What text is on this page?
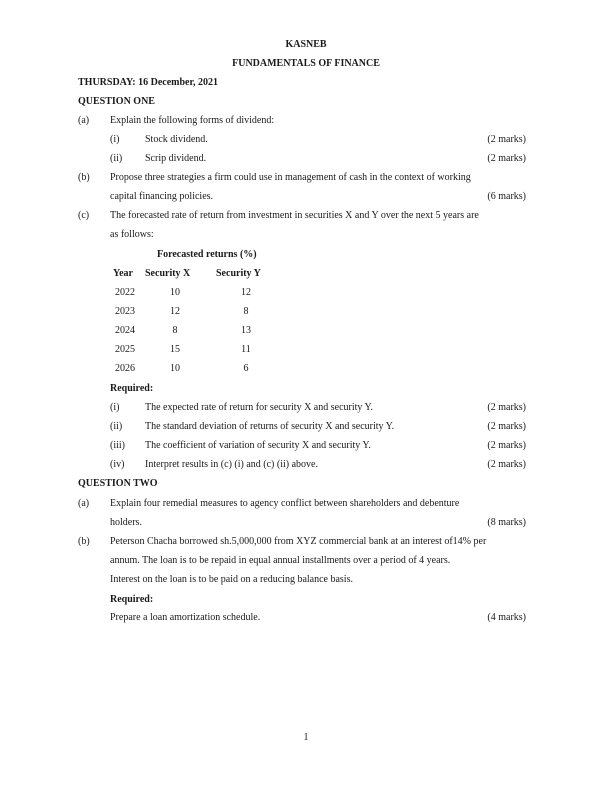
KASNEB
FUNDAMENTALS OF FINANCE
THURSDAY: 16 December, 2021
QUESTION ONE
(a) Explain the following forms of dividend:
(i)	Stock dividend.	(2 marks)
(ii) Scrip dividend.	(2 marks)
(b) Propose three strategies a firm could use in management of cash in the context of working
capital financing policies.	(6 marks)
(c) The forecasted rate of return from investment in securities X and Y over the next 5 years are
as follows:
Forecasted returns (%)
Year Security X	Security Y
2022	10	12
2023	12	8
2024	8	13
2025	15	11
2026	10	6
Required:
(i)	The expected rate of return for security X and security Y.	(2 marks)
(ii) The standard deviation of returns of security X and security Y.	(2 marks)
(iii) The coefficient of variation of security X and security Y.	(2 marks)
(iv) Interpret results in (c) (i) and (c) (ii) above.	(2 marks)
QUESTION TWO
(a) Explain four remedial measures to agency conflict between shareholders and debenture
holders.	(8 marks)
(b) Peterson Chacha borrowed sh.5,000,000 from XYZ commercial bank at an interest of14% per
annum. The loan is to be repaid in equal annual installments over a period of 4 years.
Interest on the loan is to be paid on a reducing balance basis.
Required:
Prepare a loan amortization schedule.	(4 marks)
1
